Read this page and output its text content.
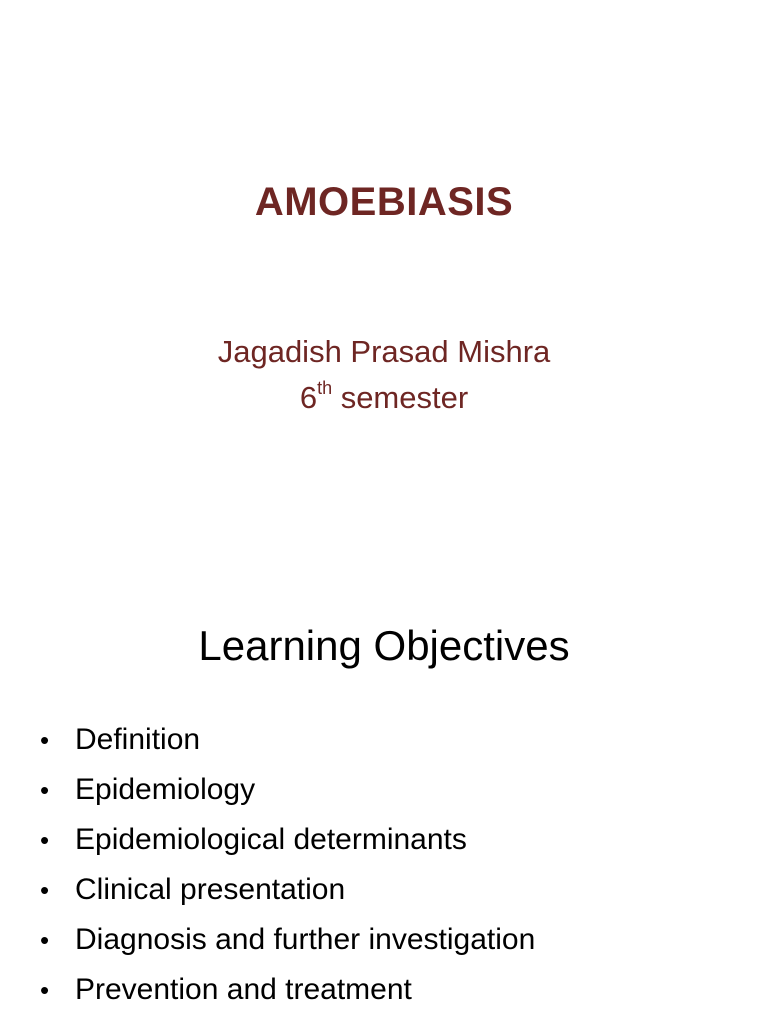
AMOEBIASIS
Jagadish Prasad Mishra
6th semester
Learning Objectives
• Definition
• Epidemiology
• Epidemiological determinants
• Clinical presentation
• Diagnosis and further investigation
• Prevention and treatment
